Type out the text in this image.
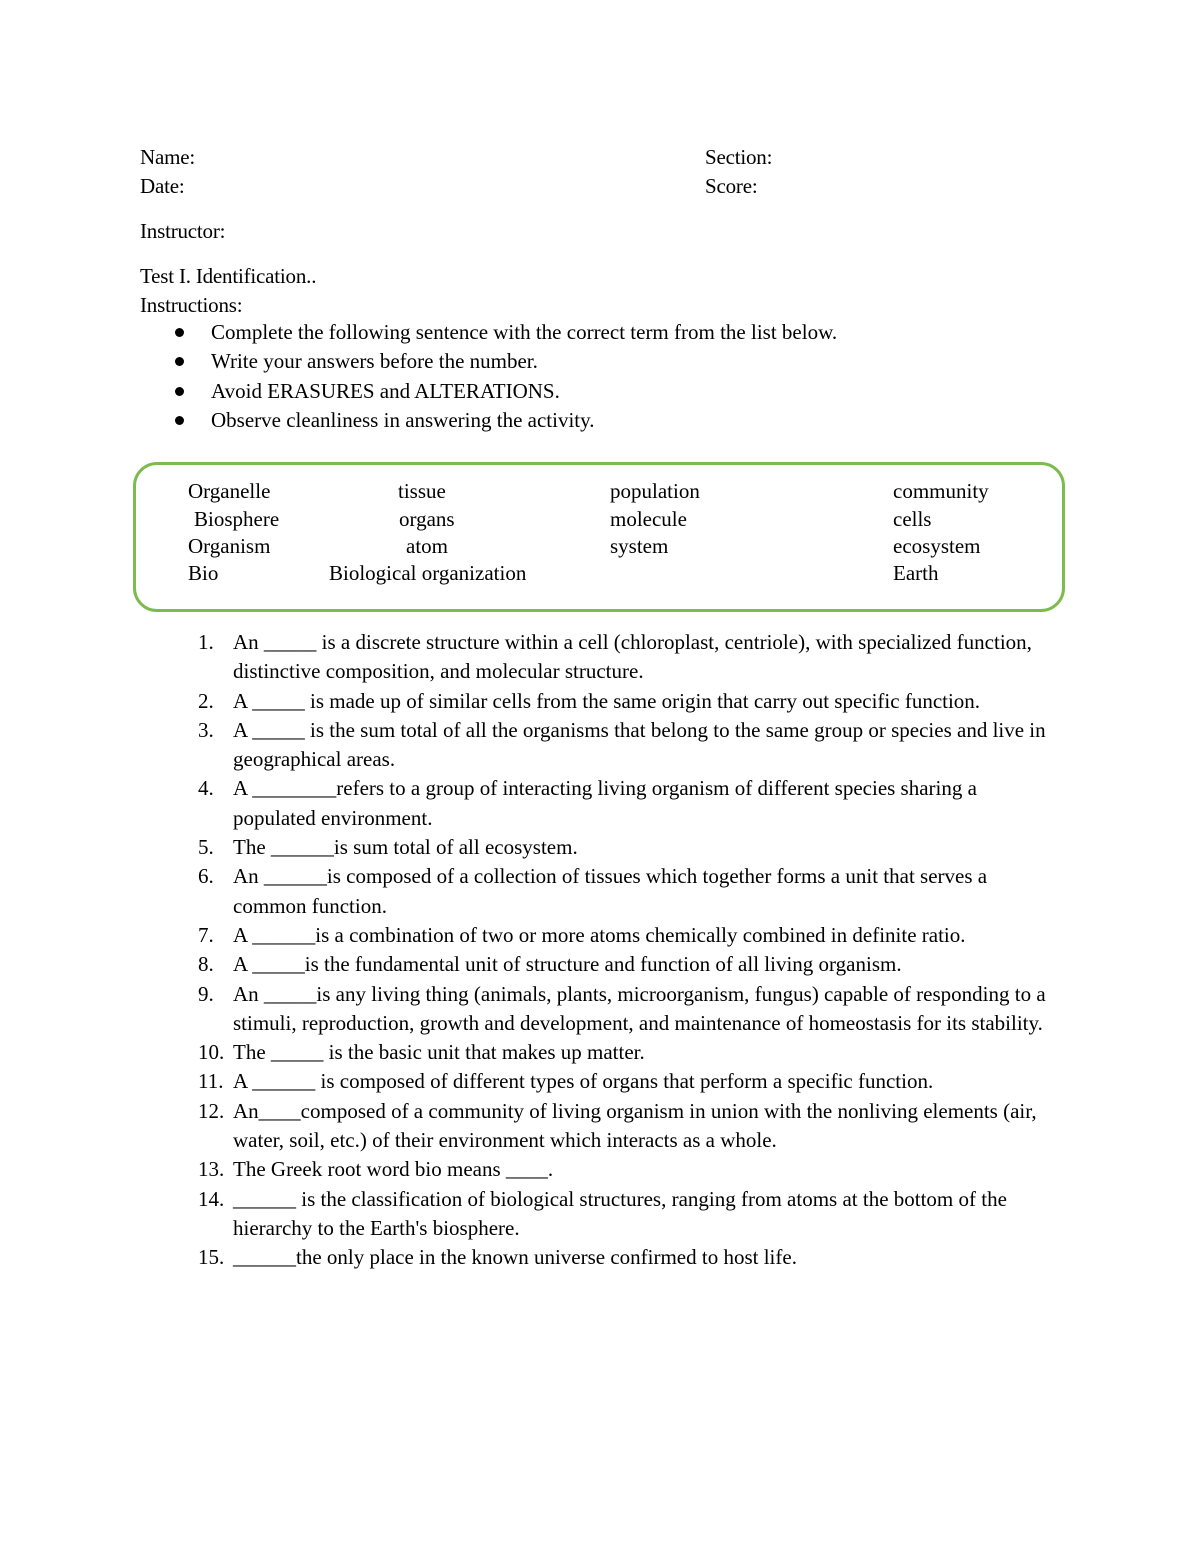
Name:	Section:
Date:	Score:
Instructor:
Test I. Identification..
Instructions:
Complete the following sentence with the correct term from the list below.
Write your answers before the number.
Avoid ERASURES and ALTERATIONS.
Observe cleanliness in answering the activity.
Organelle
Biosphere
Organism
Bio
tissue
organs
atom
Biological organization
population
molecule
system
community
cells
ecosystem
Earth
1. An _____ is a discrete structure within a cell (chloroplast, centriole), with specialized function, distinctive composition, and molecular structure.
2. A _____ is made up of similar cells from the same origin that carry out specific function.
3. A _____ is the sum total of all the organisms that belong to the same group or species and live in geographical areas.
4. A ________refers to a group of interacting living organism of different species sharing a populated environment.
5. The ______is sum total of all ecosystem.
6. An ______is composed of a collection of tissues which together forms a unit that serves a common function.
7. A ______is a combination of two or more atoms chemically combined in definite ratio.
8. A _____is the fundamental unit of structure and function of all living organism.
9. An _____is any living thing (animals, plants, microorganism, fungus) capable of responding to a stimuli, reproduction, growth and development, and maintenance of homeostasis for its stability.
10. The _____ is the basic unit that makes up matter.
11. A ______ is composed of different types of organs that perform a specific function.
12. An____composed of a community of living organism in union with the nonliving elements (air, water, soil, etc.) of their environment which interacts as a whole.
13. The Greek root word bio means ____.
14. ______ is the classification of biological structures, ranging from atoms at the bottom of the hierarchy to the Earth's biosphere.
15. ______the only place in the known universe confirmed to host life.
